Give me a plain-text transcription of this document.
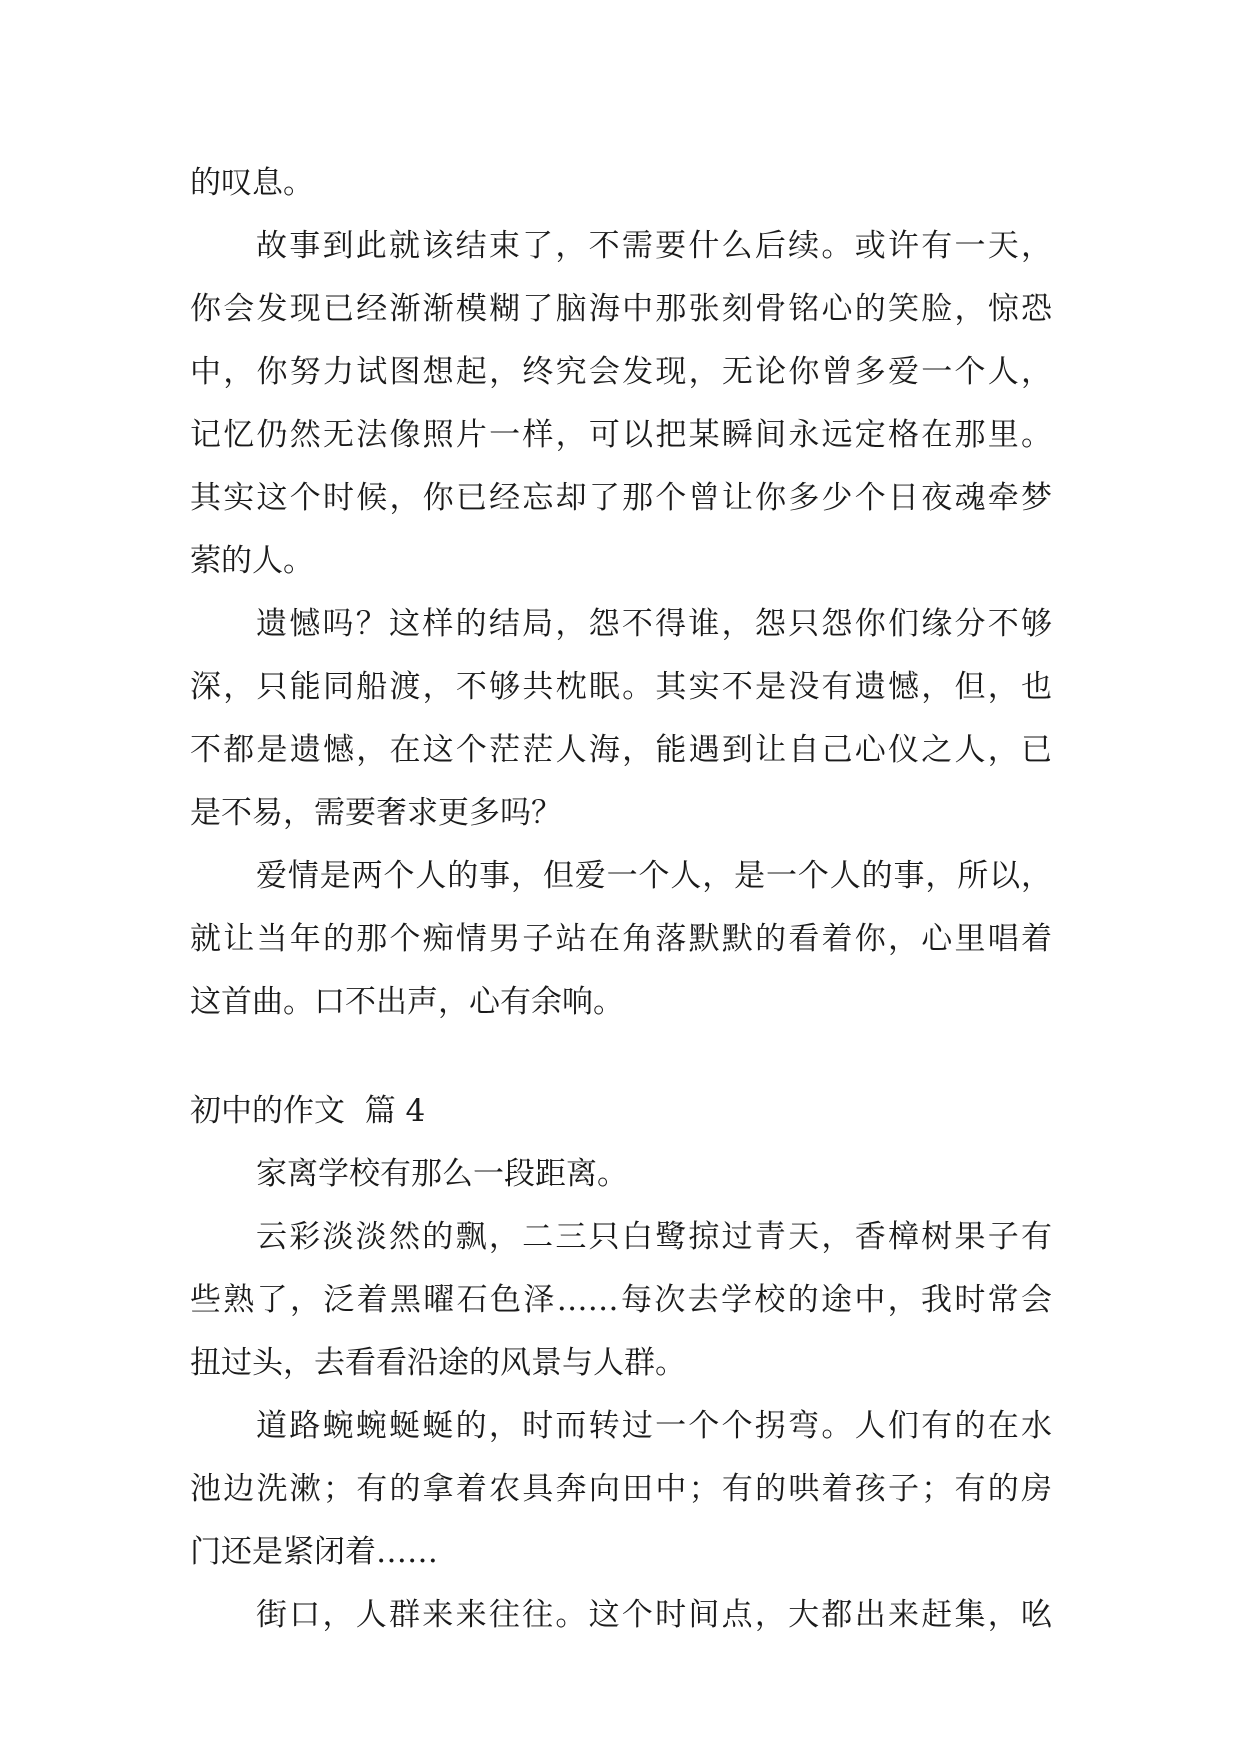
的叹息。
故事到此就该结束了，不需要什么后续。或许有一天，
你会发现已经渐渐模糊了脑海中那张刻骨铭心的笑脸，惊恐
中，你努力试图想起，终究会发现，无论你曾多爱一个人，
记忆仍然无法像照片一样，可以把某瞬间永远定格在那里。
其实这个时候，你已经忘却了那个曾让你多少个日夜魂牵梦
萦的人。
遗憾吗？这样的结局，怨不得谁，怨只怨你们缘分不够
深，只能同船渡，不够共枕眠。其实不是没有遗憾，但，也
不都是遗憾，在这个茫茫人海，能遇到让自己心仪之人，已
是不易，需要奢求更多吗？
爱情是两个人的事，但爱一个人，是一个人的事，所以，
就让当年的那个痴情男子站在角落默默的看着你，心里唱着
这首曲。口不出声，心有余响。
初中的作文  篇 4
家离学校有那么一段距离。
云彩淡淡然的飘，二三只白鹭掠过青天，香樟树果子有
些熟了，泛着黑曜石色泽……每次去学校的途中，我时常会
扭过头，去看看沿途的风景与人群。
道路蜿蜿蜒蜒的，时而转过一个个拐弯。人们有的在水
池边洗漱；有的拿着农具奔向田中；有的哄着孩子；有的房
门还是紧闭着……
街口，人群来来往往。这个时间点，大都出来赶集，吆
